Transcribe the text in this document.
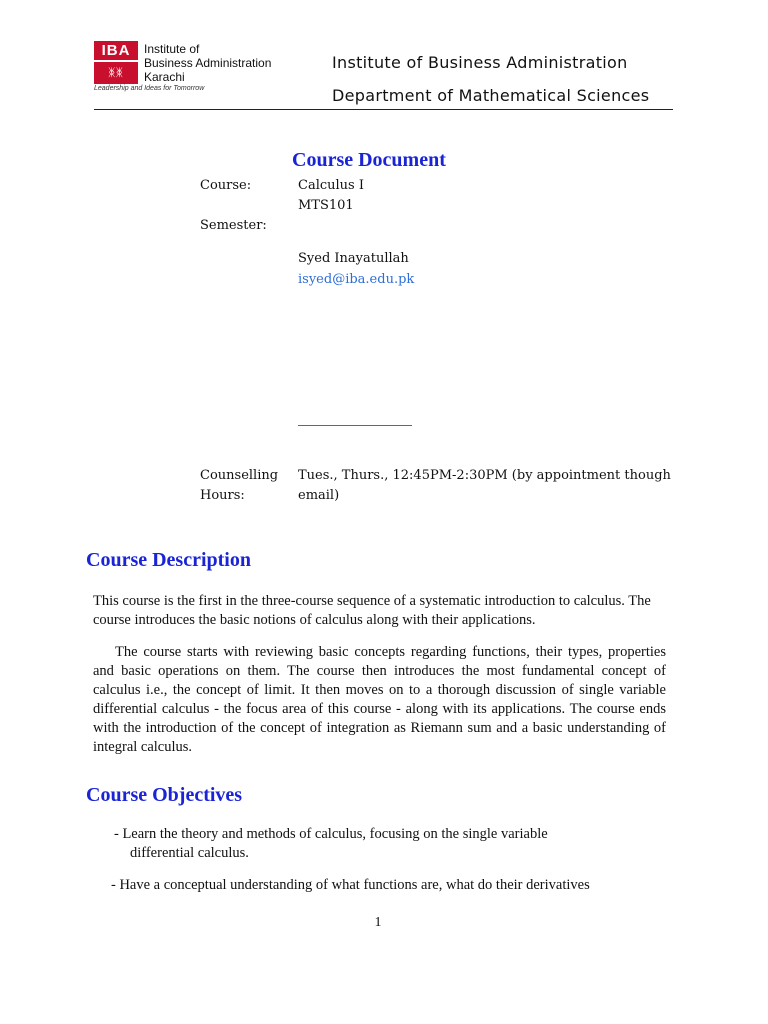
IBA
ᛤᛤ
Institute of
Business Administration
Karachi
Leadership and Ideas for Tomorrow
Institute of Business Administration
Department of Mathematical Sciences
Course Document
Course:	Calculus I
MTS101
Semester:
Syed Inayatullah
isyed@iba.edu.pk
Counselling
Hours:
Tues., Thurs., 12:45PM-2:30PM (by appointment though
email)
Course Description
This course is the first in the three-course sequence of a systematic introduction to calculus. The course introduces the basic notions of calculus along with their applications.
The course starts with reviewing basic concepts regarding functions, their types, properties and basic operations on them. The course then introduces the most fundamental concept of calculus i.e., the concept of limit. It then moves on to a thorough discussion of single variable differential calculus - the focus area of this course - along with its applications. The course ends with the introduction of the concept of integration as Riemann sum and a basic understanding of integral calculus.
Course Objectives
- Learn the theory and methods of calculus, focusing on the single variable
differential calculus.
- Have a conceptual understanding of what functions are, what do their derivatives
1
